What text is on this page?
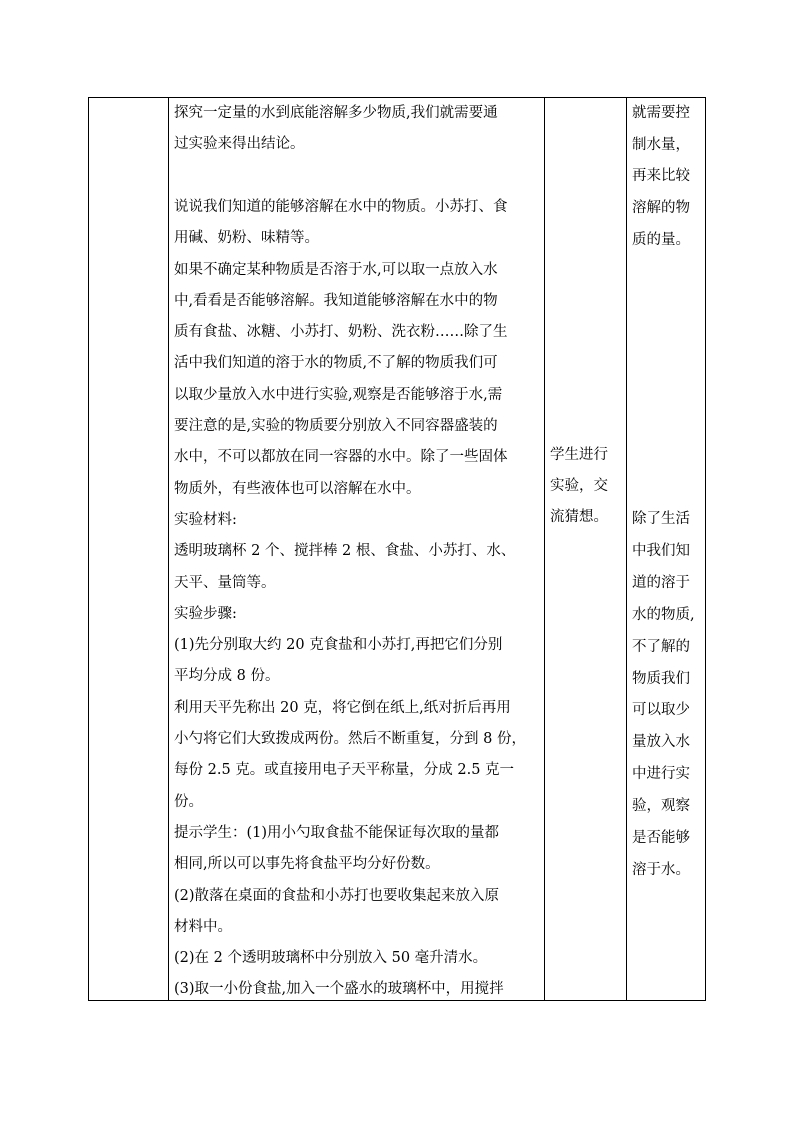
探究一定量的水到底能溶解多少物质,我们就需要通
过实验来得出结论。
说说我们知道的能够溶解在水中的物质。小苏打、食
用碱、奶粉、味精等。
如果不确定某种物质是否溶于水,可以取一点放入水
中,看看是否能够溶解。我知道能够溶解在水中的物
质有食盐、冰糖、小苏打、奶粉、洗衣粉……除了生
活中我们知道的溶于水的物质,不了解的物质我们可
以取少量放入水中进行实验,观察是否能够溶于水,需
要注意的是,实验的物质要分别放入不同容器盛装的
水中，不可以都放在同一容器的水中。除了一些固体
物质外，有些液体也可以溶解在水中。
实验材料:
透明玻璃杯 2 个、搅拌棒 2 根、食盐、小苏打、水、
天平、量筒等。
实验步骤:
(1)先分别取大约 20 克食盐和小苏打,再把它们分别
平均分成 8 份。
利用天平先称出 20 克，将它倒在纸上,纸对折后再用
小勺将它们大致拨成两份。然后不断重复，分到 8 份，
每份 2.5 克。或直接用电子天平称量，分成 2.5 克一
份。
提示学生：(1)用小勺取食盐不能保证每次取的量都
相同,所以可以事先将食盐平均分好份数。
(2)散落在桌面的食盐和小苏打也要收集起来放入原
材料中。
(2)在 2 个透明玻璃杯中分别放入 50 毫升清水。
(3)取一小份食盐,加入一个盛水的玻璃杯中，用搅拌
学生进行
实验，交
流猜想。
就需要控
制水量，
再来比较
溶解的物
质的量。
除了生活
中我们知
道的溶于
水的物质,
不了解的
物质我们
可以取少
量放入水
中进行实
验，观察
是否能够
溶于水。
